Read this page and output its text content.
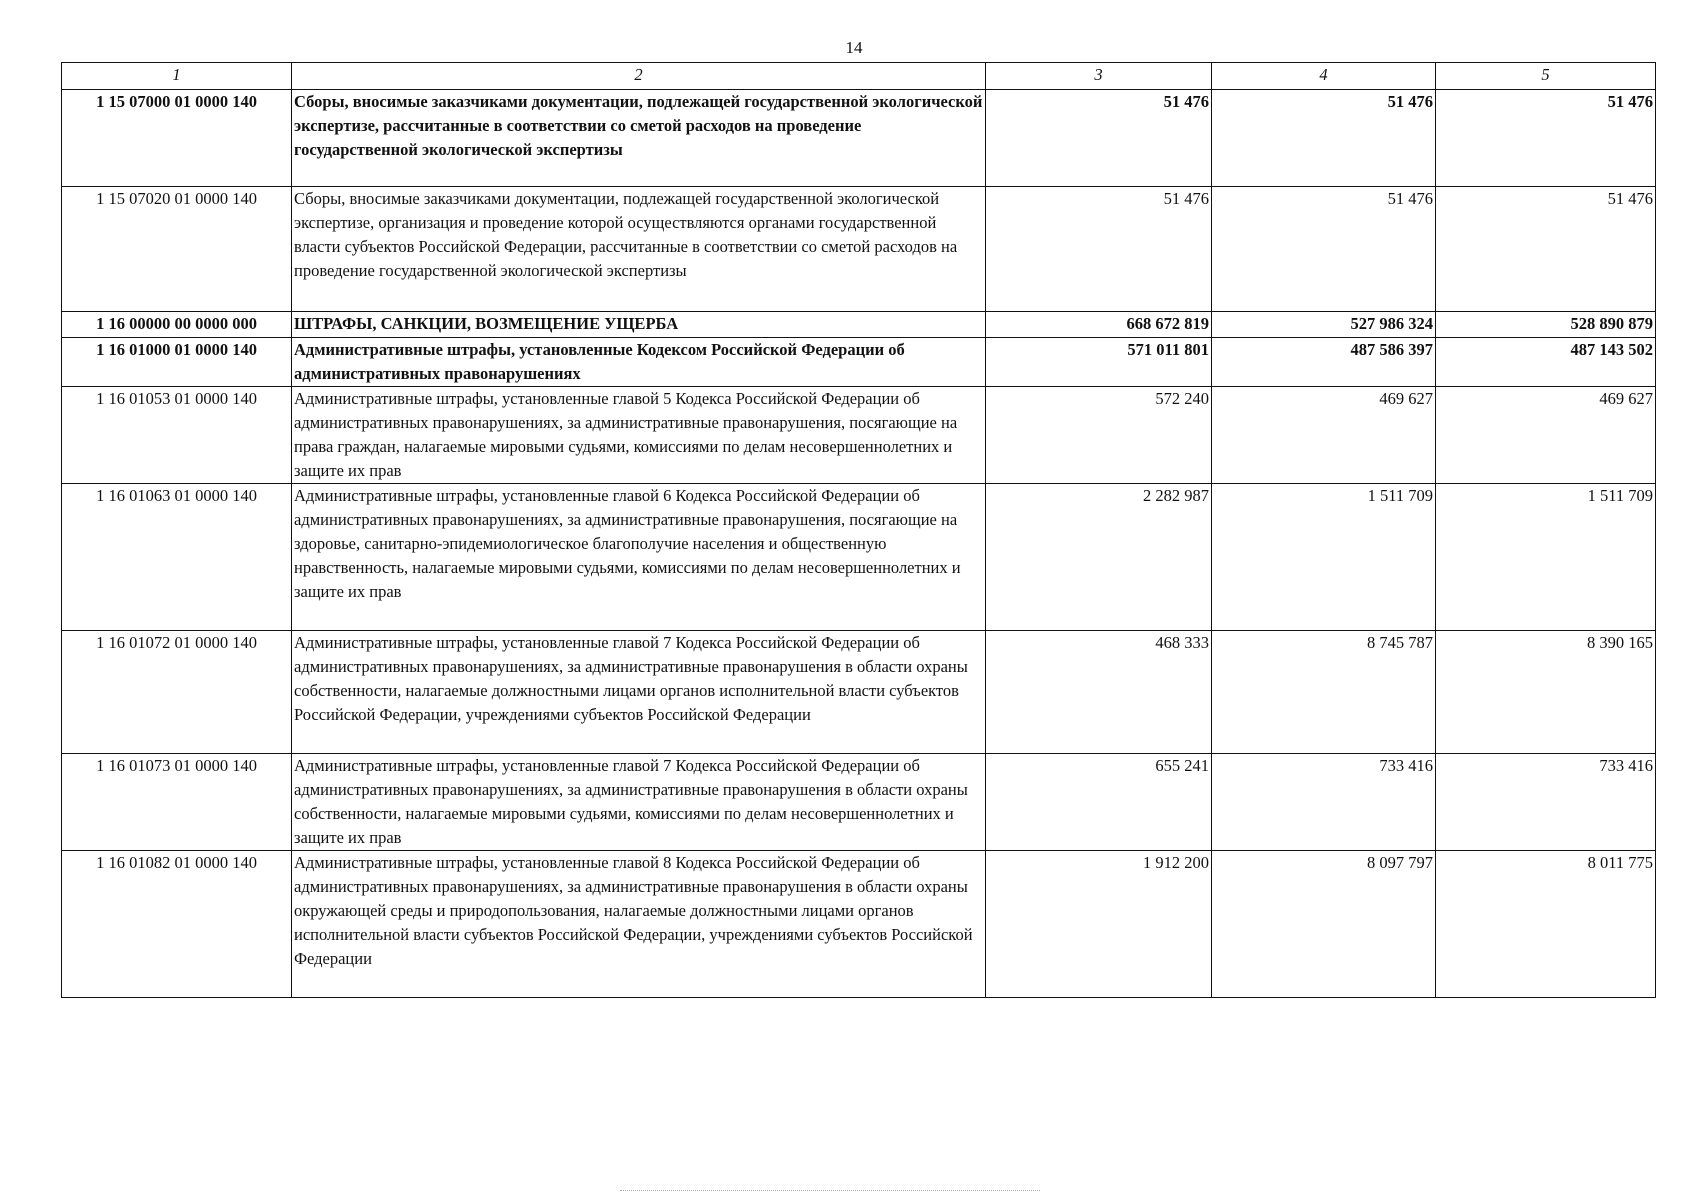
14
1	2	3	4	5
1 15 07000 01 0000 140	Сборы, вносимые заказчиками документации, подлежащей государственной экологической экспертизе, рассчитанные в соответствии со сметой расходов на проведение государственной экологической экспертизы	51 476	51 476	51 476
1 15 07020 01 0000 140	Сборы, вносимые заказчиками документации, подлежащей государственной экологической экспертизе, организация и проведение которой осуществляются органами государственной власти субъектов Российской Федерации, рассчитанные в соответствии со сметой расходов на проведение государственной экологической экспертизы	51 476	51 476	51 476
1 16 00000 00 0000 000	ШТРАФЫ, САНКЦИИ, ВОЗМЕЩЕНИЕ УЩЕРБА	668 672 819	527 986 324	528 890 879
1 16 01000 01 0000 140	Административные штрафы, установленные Кодексом Российской Федерации об административных правонарушениях	571 011 801	487 586 397	487 143 502
1 16 01053 01 0000 140	Административные штрафы, установленные главой 5 Кодекса Российской Федерации об административных правонарушениях, за административные правонарушения, посягающие на права граждан, налагаемые мировыми судьями, комиссиями по делам несовершеннолетних и защите их прав	572 240	469 627	469 627
1 16 01063 01 0000 140	Административные штрафы, установленные главой 6 Кодекса Российской Федерации об административных правонарушениях, за административные правонарушения, посягающие на здоровье, санитарно-эпидемиологическое благополучие населения и общественную нравственность, налагаемые мировыми судьями, комиссиями по делам несовершеннолетних и защите их прав	2 282 987	1 511 709	1 511 709
1 16 01072 01 0000 140	Административные штрафы, установленные главой 7 Кодекса Российской Федерации об административных правонарушениях, за административные правонарушения в области охраны собственности, налагаемые должностными лицами органов исполнительной власти субъектов Российской Федерации, учреждениями субъектов Российской Федерации	468 333	8 745 787	8 390 165
1 16 01073 01 0000 140	Административные штрафы, установленные главой 7 Кодекса Российской Федерации об административных правонарушениях, за административные правонарушения в области охраны собственности, налагаемые мировыми судьями, комиссиями по делам несовершеннолетних и защите их прав	655 241	733 416	733 416
1 16 01082 01 0000 140	Административные штрафы, установленные главой 8 Кодекса Российской Федерации об административных правонарушениях, за административные правонарушения в области охраны окружающей среды и природопользования, налагаемые должностными лицами органов исполнительной власти субъектов Российской Федерации, учреждениями субъектов Российской Федерации	1 912 200	8 097 797	8 011 775
